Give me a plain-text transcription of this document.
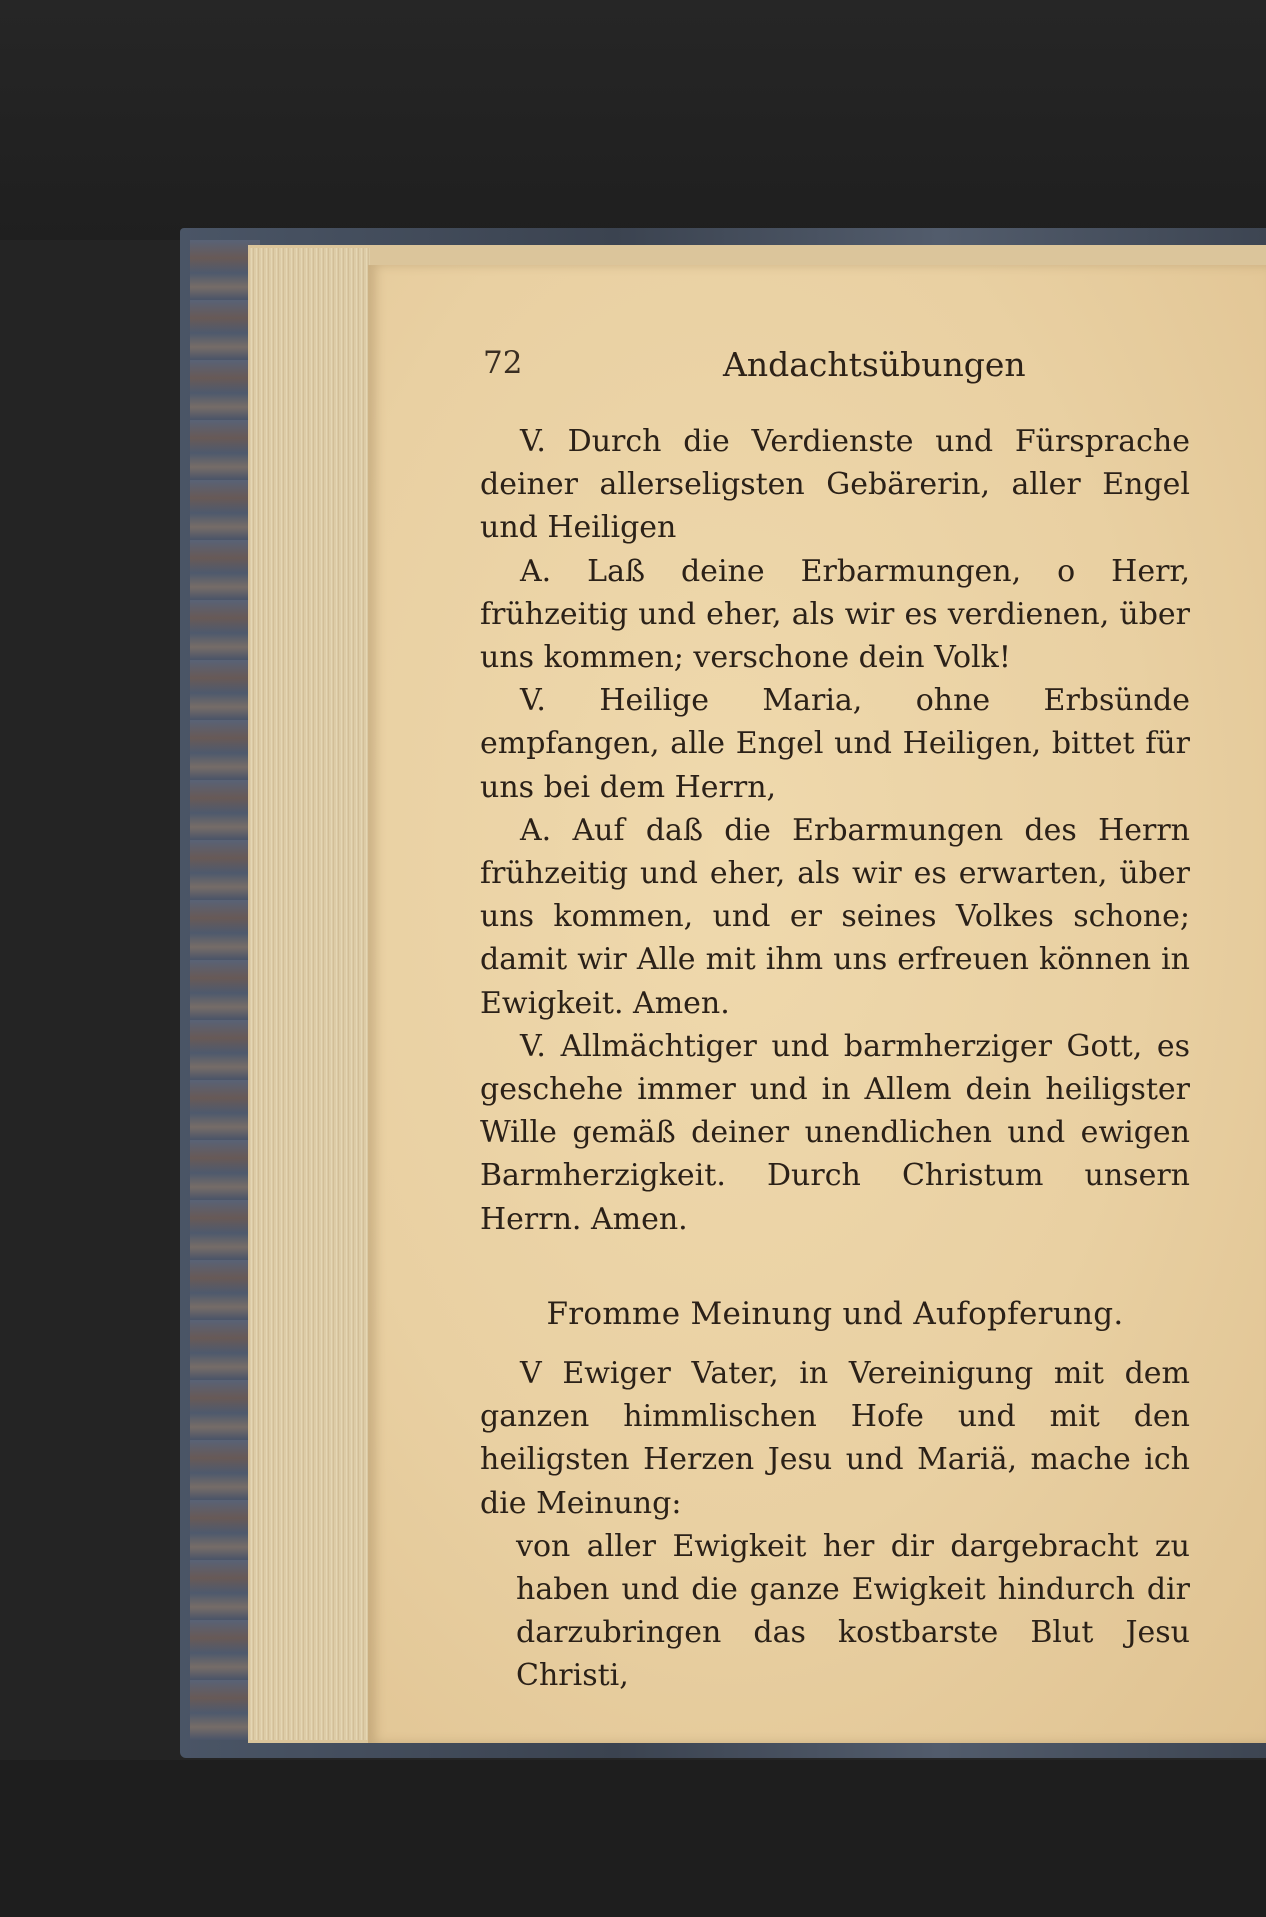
72	Andachtsübungen

V. Durch die Verdienste und Fürsprache deiner allerseligsten Gebärerin, aller Engel und Heiligen

A. Laß deine Erbarmungen, o Herr, frühzeitig und eher, als wir es verdienen, über uns kommen; verschone dein Volk!

V. Heilige Maria, ohne Erbsünde empfangen, alle Engel und Heiligen, bittet für uns bei dem Herrn,

A. Auf daß die Erbarmungen des Herrn frühzeitig und eher, als wir es erwarten, über uns kommen, und er seines Volkes schone; damit wir Alle mit ihm uns erfreuen können in Ewigkeit. Amen.

V. Allmächtiger und barmherziger Gott, es geschehe immer und in Allem dein heiligster Wille gemäß deiner unendlichen und ewigen Barmherzigkeit. Durch Christum unsern Herrn. Amen.

Fromme Meinung und Aufopferung.

V Ewiger Vater, in Vereinigung mit dem ganzen himmlischen Hofe und mit den heiligsten Herzen Jesu und Mariä, mache ich die Meinung:

von aller Ewigkeit her dir dargebracht zu haben und die ganze Ewigkeit hindurch dir darzubringen das kostbarste Blut Jesu Christi,
